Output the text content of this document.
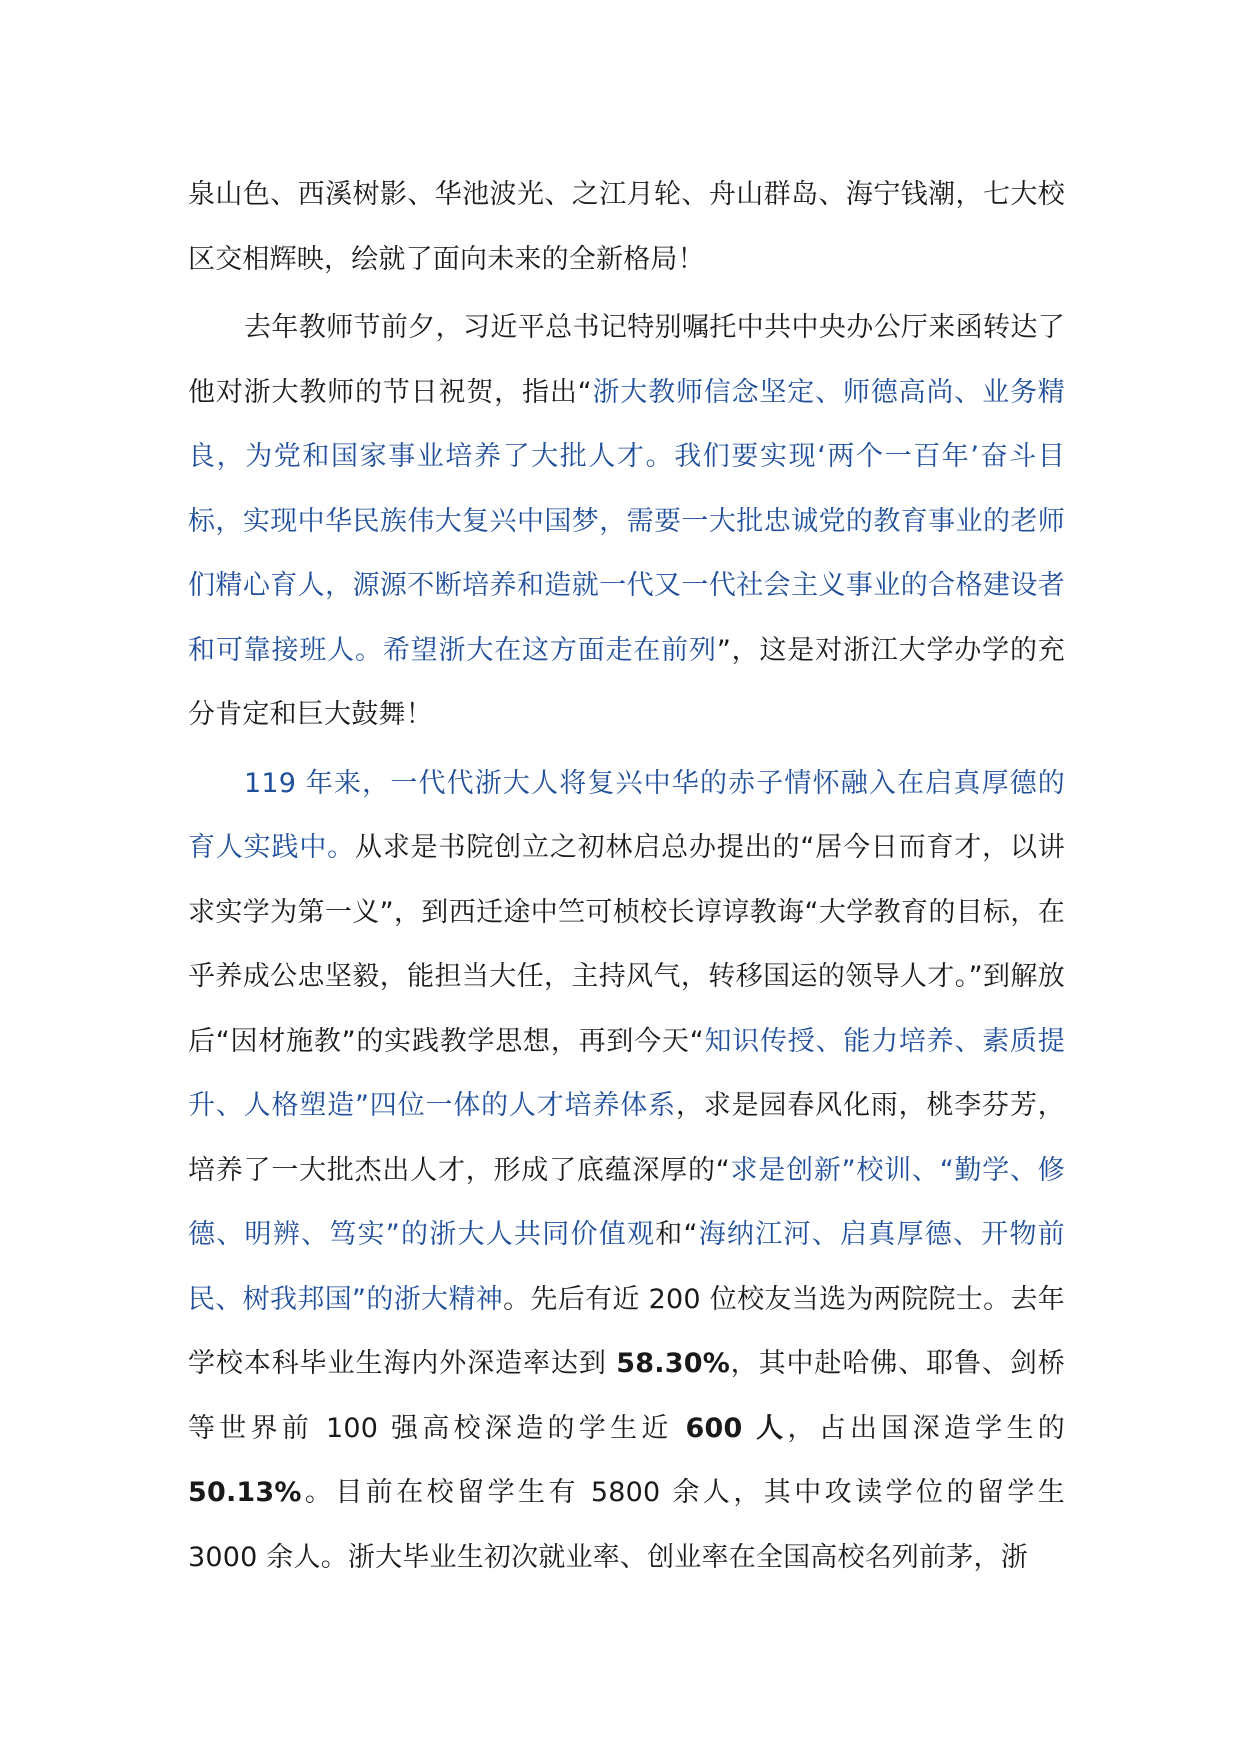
泉山色、西溪树影、华池波光、之江月轮、舟山群岛、海宁钱潮，七大校区交相辉映，绘就了面向未来的全新格局！

去年教师节前夕，习近平总书记特别嘱托中共中央办公厅来函转达了他对浙大教师的节日祝贺，指出“浙大教师信念坚定、师德高尚、业务精良，为党和国家事业培养了大批人才。我们要实现‘两个一百年’奋斗目标，实现中华民族伟大复兴中国梦，需要一大批忠诚党的教育事业的老师们精心育人，源源不断培养和造就一代又一代社会主义事业的合格建设者和可靠接班人。希望浙大在这方面走在前列”，这是对浙江大学办学的充分肯定和巨大鼓舞！

119 年来，一代代浙大人将复兴中华的赤子情怀融入在启真厚德的育人实践中。从求是书院创立之初林启总办提出的“居今日而育才，以讲求实学为第一义”，到西迁途中竺可桢校长谆谆教诲“大学教育的目标，在乎养成公忠坚毅，能担当大任，主持风气，转移国运的领导人才。”到解放后“因材施教”的实践教学思想，再到今天“知识传授、能力培养、素质提升、人格塑造”四位一体的人才培养体系，求是园春风化雨，桃李芬芳，培养了一大批杰出人才，形成了底蕴深厚的“求是创新”校训、“勤学、修德、明辨、笃实”的浙大人共同价值观和“海纳江河、启真厚德、开物前民、树我邦国”的浙大精神。先后有近 200 位校友当选为两院院士。去年学校本科毕业生海内外深造率达到 58.30%，其中赴哈佛、耶鲁、剑桥等世界前 100 强高校深造的学生近 600 人，占出国深造学生的 50.13%。目前在校留学生有 5800 余人，其中攻读学位的留学生 3000 余人。浙大毕业生初次就业率、创业率在全国高校名列前茅，浙
